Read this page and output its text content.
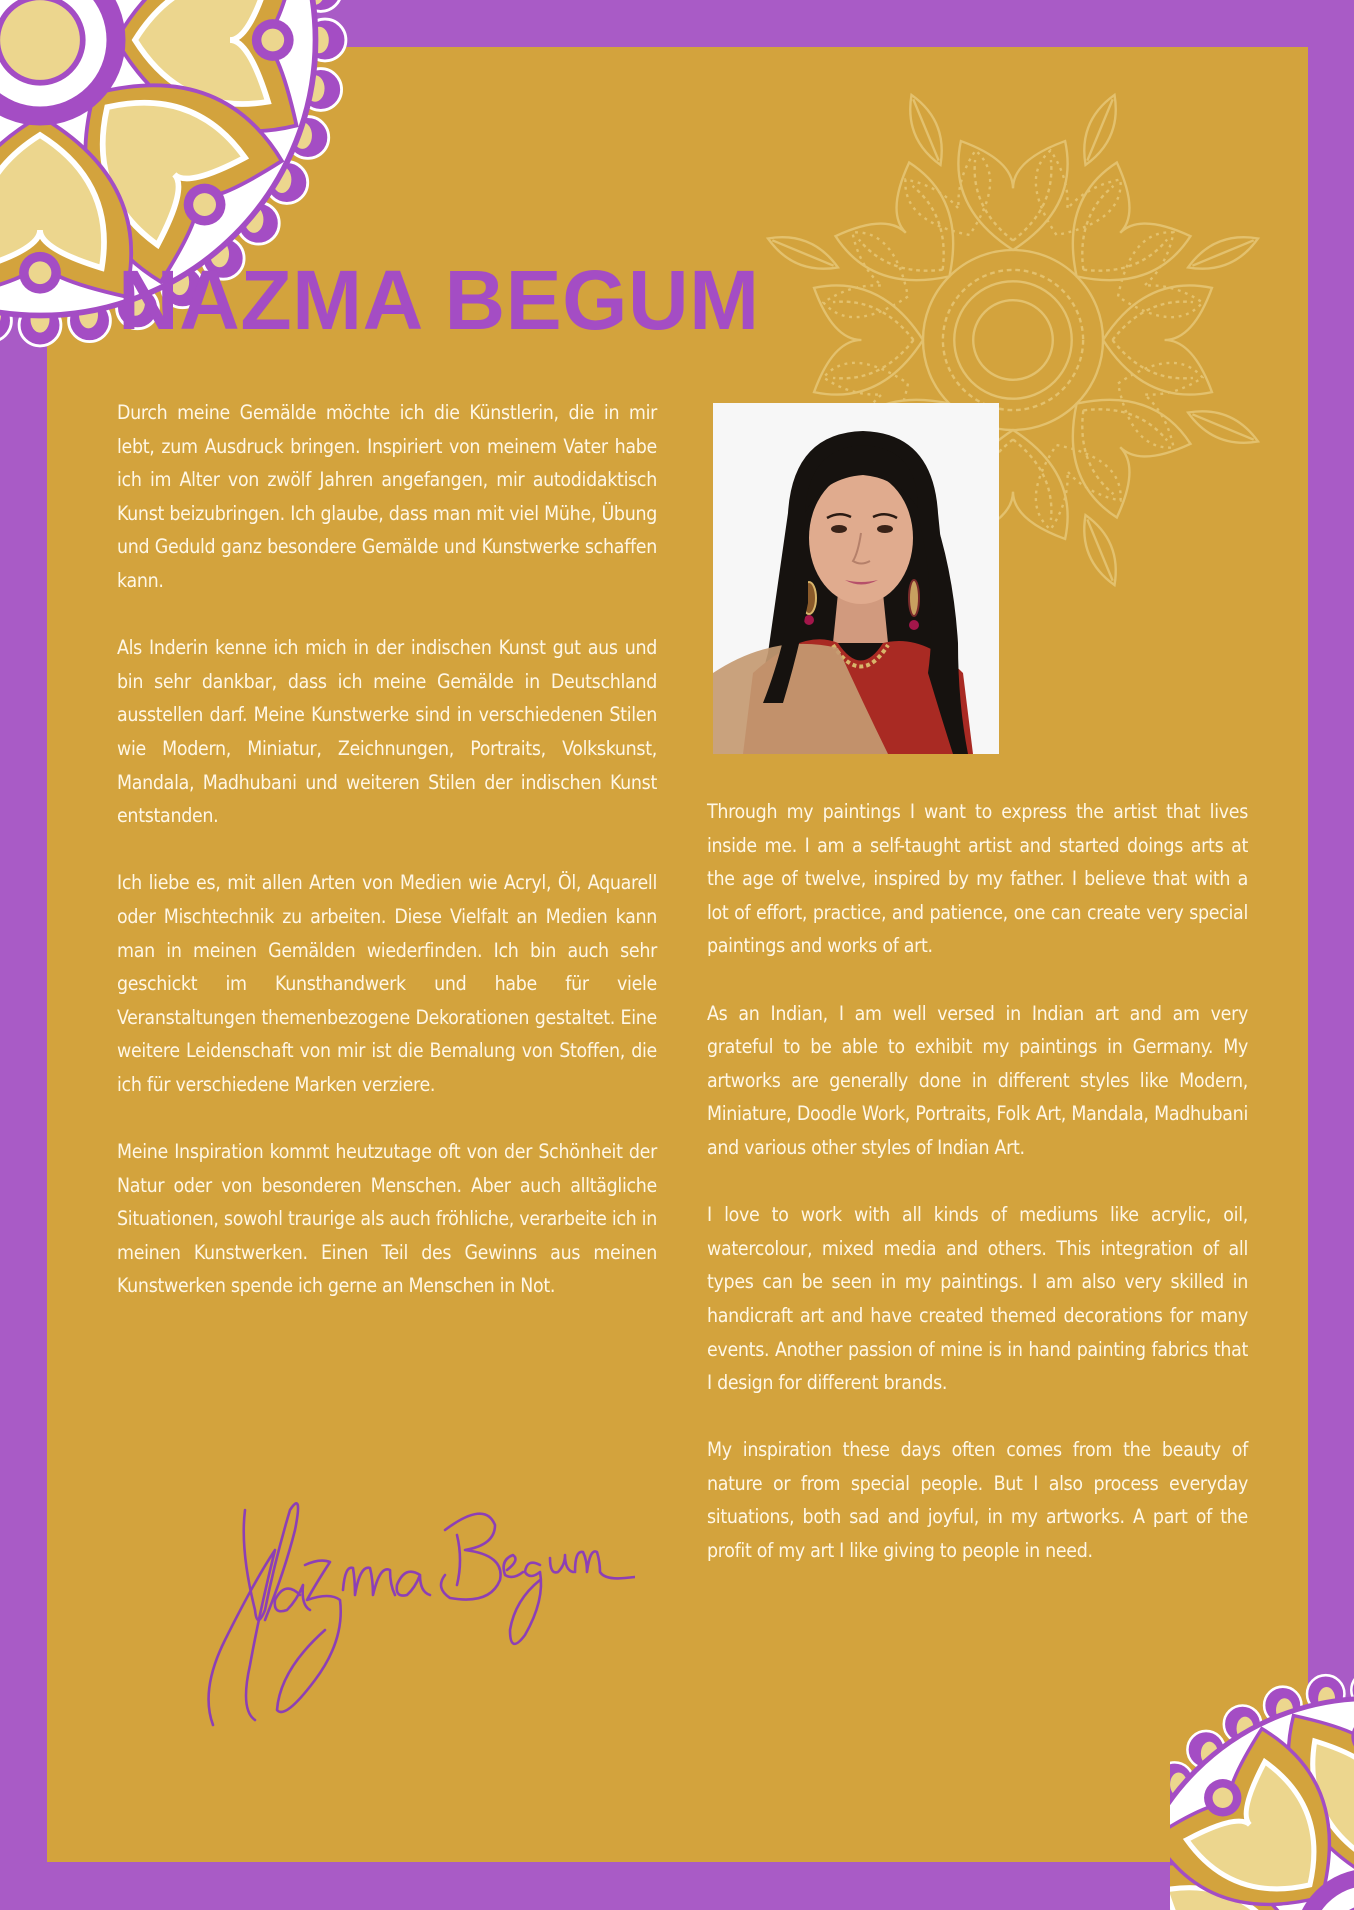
NAZMA BEGUM

Durch meine Gemälde möchte ich die Künstlerin, die in mir lebt, zum Ausdruck bringen. Inspiriert von meinem Vater habe ich im Alter von zwölf Jahren angefangen, mir autodidaktisch Kunst beizubringen. Ich glaube, dass man mit viel Mühe, Übung und Geduld ganz besondere Gemälde und Kunstwerke schaffen kann.

Als Inderin kenne ich mich in der indischen Kunst gut aus und bin sehr dankbar, dass ich meine Gemälde in Deutschland ausstellen darf. Meine Kunstwerke sind in verschiedenen Stilen wie Modern, Miniatur, Zeichnungen, Portraits, Volkskunst, Mandala, Madhubani und weiteren Stilen der indischen Kunst entstanden.

Ich liebe es, mit allen Arten von Medien wie Acryl, Öl, Aquarell oder Mischtechnik zu arbeiten. Diese Vielfalt an Medien kann man in meinen Gemälden wiederfinden. Ich bin auch sehr geschickt im Kunsthandwerk und habe für viele Veranstaltungen themenbezogene Dekorationen gestaltet. Eine weitere Leidenschaft von mir ist die Bemalung von Stoffen, die ich für verschiedene Marken verziere.

Meine Inspiration kommt heutzutage oft von der Schönheit der Natur oder von besonderen Menschen. Aber auch alltägliche Situationen, sowohl traurige als auch fröhliche, verarbeite ich in meinen Kunstwerken. Einen Teil des Gewinns aus meinen Kunstwerken spende ich gerne an Menschen in Not.

Through my paintings I want to express the artist that lives inside me. I am a self-taught artist and started doings arts at the age of twelve, inspired by my father. I believe that with a lot of effort, practice, and patience, one can create very special paintings and works of art.

As an Indian, I am well versed in Indian art and am very grateful to be able to exhibit my paintings in Germany. My artworks are generally done in different styles like Modern, Miniature, Doodle Work, Portraits, Folk Art, Mandala, Madhubani and various other styles of Indian Art.

I love to work with all kinds of mediums like acrylic, oil, watercolour, mixed media and others. This integration of all types can be seen in my paintings. I am also very skilled in handicraft art and have created themed decorations for many events. Another passion of mine is in hand painting fabrics that I design for different brands.

My inspiration these days often comes from the beauty of nature or from special people. But I also process everyday situations, both sad and joyful, in my artworks. A part of the profit of my art I like giving to people in need.
